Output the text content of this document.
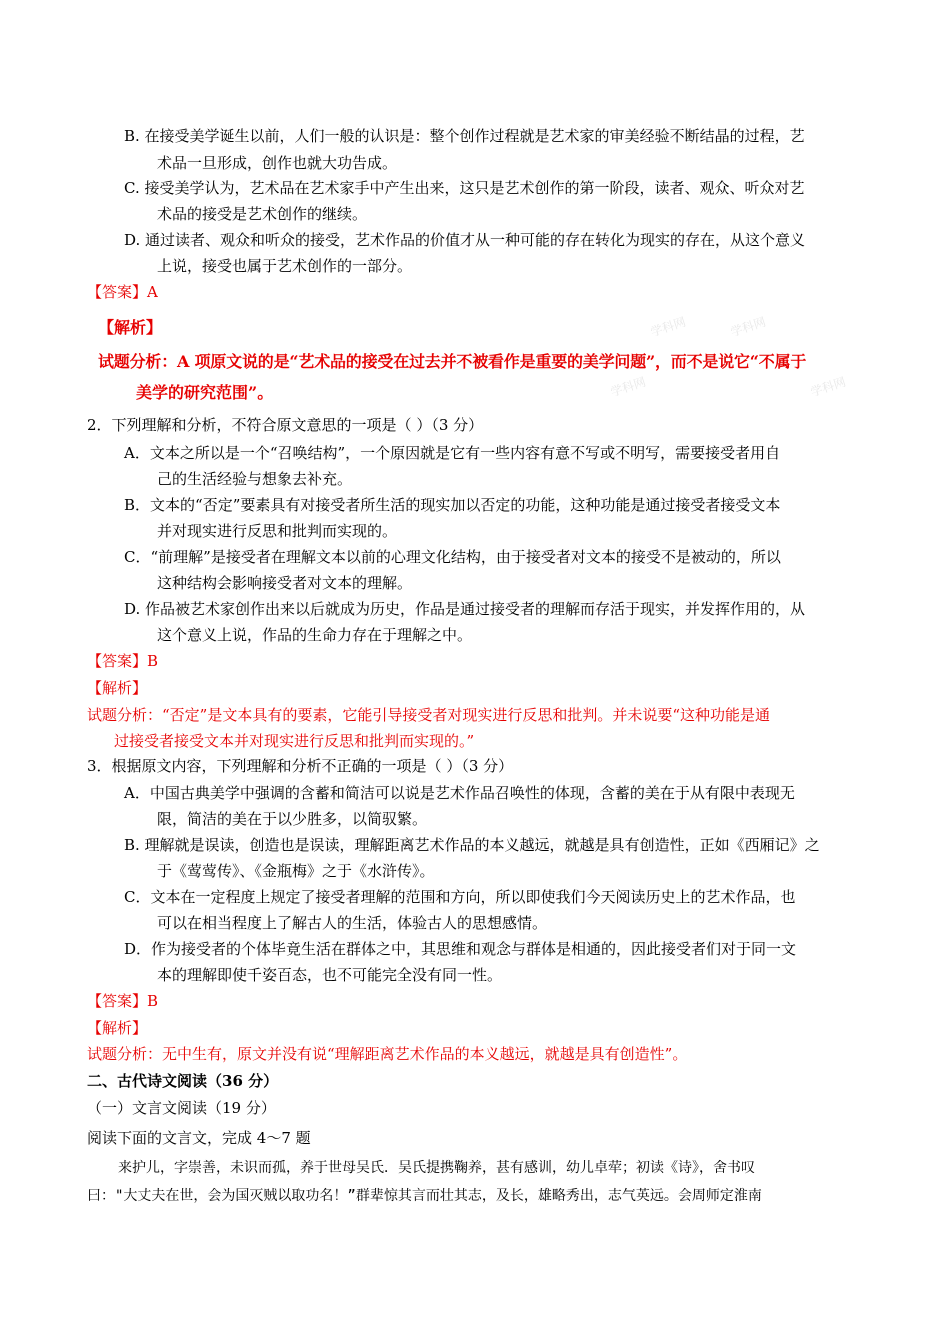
学科网	学科网
学科网	学科网
B. 在接受美学诞生以前，人们一般的认识是：整个创作过程就是艺术家的审美经验不断结晶的过程，艺
术品一旦形成，创作也就大功告成。
C. 接受美学认为，艺术品在艺术家手中产生出来，这只是艺术创作的第一阶段，读者、观众、听众对艺
术品的接受是艺术创作的继续。
D. 通过读者、观众和听众的接受，艺术作品的价值才从一种可能的存在转化为现实的存在，从这个意义
上说，接受也属于艺术创作的一部分。
【答案】A
【解析】
试题分析：A 项原文说的是“艺术品的接受在过去并不被看作是重要的美学问题”，而不是说它“不属于
美学的研究范围”。
2．下列理解和分析，不符合原文意思的一项是（ ）（3 分）
A．文本之所以是一个“召唤结构”，一个原因就是它有一些内容有意不写或不明写，需要接受者用自
己的生活经验与想象去补充。
B．文本的“否定”要素具有对接受者所生活的现实加以否定的功能，这种功能是通过接受者接受文本
并对现实进行反思和批判而实现的。
C．“前理解”是接受者在理解文本以前的心理文化结构，由于接受者对文本的接受不是被动的，所以
这种结构会影响接受者对文本的理解。
D. 作品被艺术家创作出来以后就成为历史，作品是通过接受者的理解而存活于现实，并发挥作用的，从
这个意义上说，作品的生命力存在于理解之中。
【答案】B
【解析】
试题分析：“否定”是文本具有的要素，它能引导接受者对现实进行反思和批判。并未说要“这种功能是通
过接受者接受文本并对现实进行反思和批判而实现的。”
3．根据原文内容，下列理解和分析不正确的一项是（ ）（3 分）
A．中国古典美学中强调的含蓄和简洁可以说是艺术作品召唤性的体现，含蓄的美在于从有限中表现无
限，简洁的美在于以少胜多，以简驭繁。
B. 理解就是误读，创造也是误读，理解距离艺术作品的本义越远，就越是具有创造性，正如《西厢记》之
于《莺莺传》、《金瓶梅》之于《水浒传》。
C．文本在一定程度上规定了接受者理解的范围和方向，所以即使我们今天阅读历史上的艺术作品，也
可以在相当程度上了解古人的生活，体验古人的思想感情。
D．作为接受者的个体毕竟生活在群体之中，其思维和观念与群体是相通的，因此接受者们对于同一文
本的理解即使千姿百态，也不可能完全没有同一性。
【答案】B
【解析】
试题分析：无中生有，原文并没有说“理解距离艺术作品的本义越远，就越是具有创造性”。
二、古代诗文阅读（36 分）
（一）文言文阅读（19 分）
阅读下面的文言文，完成 4～7 题
来护儿，字崇善，未识而孤，养于世母吴氏．吴氏提携鞠养，甚有感训，幼儿卓荦；初读《诗》，舍书叹
曰："大丈夫在世，会为国灭贼以取功名！”群辈惊其言而壮其志，及长，雄略秀出，志气英远。会周师定淮南
